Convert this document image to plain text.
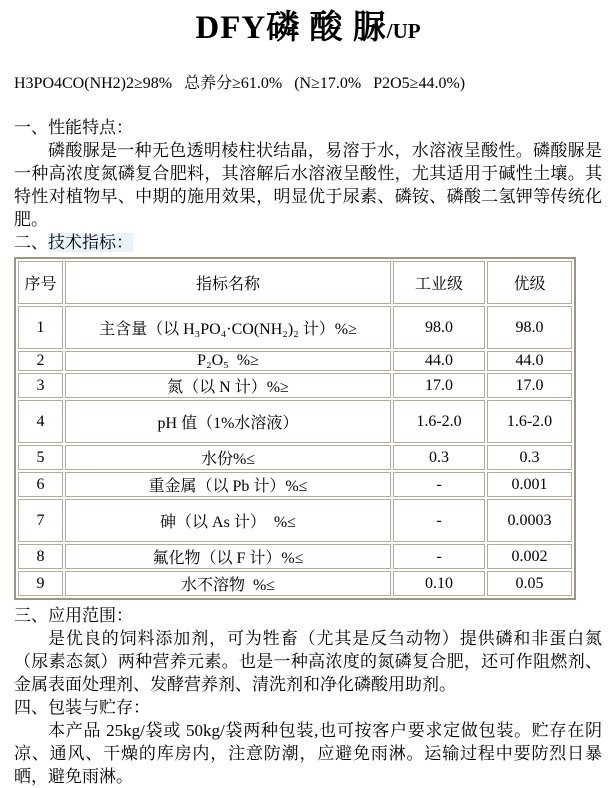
DFY磷 酸 脲/UP
H3PO4CO(NH2)2≥98%   总养分≥61.0%   (N≥17.0%   P2O5≥44.0%)
一、性能特点：

磷酸脲是一种无色透明棱柱状结晶，易溶于水，水溶液呈酸性。磷酸脲是一种高浓度氮磷复合肥料，其溶解后水溶液呈酸性，尤其适用于碱性土壤。其特性对植物早、中期的施用效果，明显优于尿素、磷铵、磷酸二氢钾等传统化肥。

二、技术指标：
序号	指标名称	工业级	优级
1	主含量（以 H₃PO₄·CO(NH₂)₂ 计）%≥	98.0	98.0
2	P₂O₅  %≥	44.0	44.0
3	氮（以 N 计）%≥	17.0	17.0
4	pH 值（1%水溶液）	1.6-2.0	1.6-2.0
5	水份%≤	0.3	0.3
6	重金属（以 Pb 计）%≤	-	0.001
7	砷（以 As 计）  %≤	-	0.0003
8	氟化物（以 F 计）%≤	-	0.002
9	水不溶物  %≤	0.10	0.05
三、应用范围：

是优良的饲料添加剂，可为牲畜（尤其是反刍动物）提供磷和非蛋白氮（尿素态氮）两种营养元素。也是一种高浓度的氮磷复合肥，还可作阻燃剂、金属表面处理剂、发酵营养剂、清洗剂和净化磷酸用助剂。

四、包装与贮存：

本产品 25kg/袋或 50kg/袋两种包装,也可按客户要求定做包装。贮存在阴凉、通风、干燥的库房内，注意防潮，应避免雨淋。运输过程中要防烈日暴晒，避免雨淋。
